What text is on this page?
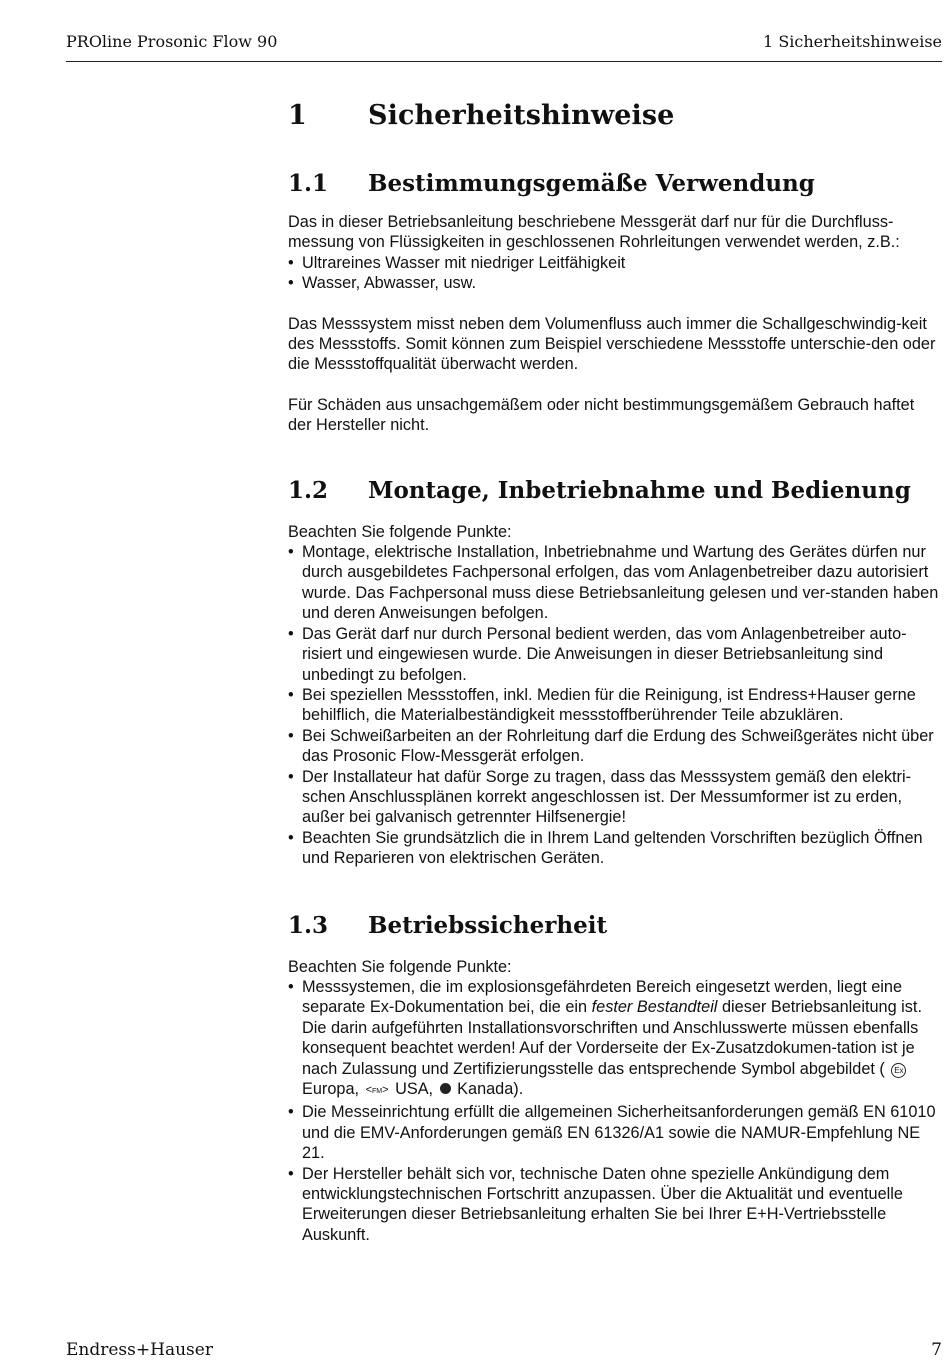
PROline Prosonic Flow 90	1 Sicherheitshinweise
1	Sicherheitshinweise
1.1	Bestimmungsgemäße Verwendung

Das in dieser Betriebsanleitung beschriebene Messgerät darf nur für die Durchfluss-messung von Flüssigkeiten in geschlossenen Rohrleitungen verwendet werden, z.B.:

• Ultrareines Wasser mit niedriger Leitfähigkeit
• Wasser, Abwasser, usw.

Das Messsystem misst neben dem Volumenfluss auch immer die Schallgeschwindig-keit des Messstoffs. Somit können zum Beispiel verschiedene Messstoffe unterschie-den oder die Messstoffqualität überwacht werden.

Für Schäden aus unsachgemäßem oder nicht bestimmungsgemäßem Gebrauch haftet der Hersteller nicht.

1.2	Montage, Inbetriebnahme und Bedienung

Beachten Sie folgende Punkte:

• Montage, elektrische Installation, Inbetriebnahme und Wartung des Gerätes dürfen nur durch ausgebildetes Fachpersonal erfolgen, das vom Anlagenbetreiber dazu autorisiert wurde. Das Fachpersonal muss diese Betriebsanleitung gelesen und ver-standen haben und deren Anweisungen befolgen.
• Das Gerät darf nur durch Personal bedient werden, das vom Anlagenbetreiber auto-risiert und eingewiesen wurde. Die Anweisungen in dieser Betriebsanleitung sind unbedingt zu befolgen.
• Bei speziellen Messstoffen, inkl. Medien für die Reinigung, ist Endress+Hauser gerne behilflich, die Materialbeständigkeit messstoffberührender Teile abzuklären.
• Bei Schweißarbeiten an der Rohrleitung darf die Erdung des Schweißgerätes nicht über das Prosonic Flow-Messgerät erfolgen.
• Der Installateur hat dafür Sorge zu tragen, dass das Messsystem gemäß den elektri-schen Anschlussplänen korrekt angeschlossen ist. Der Messumformer ist zu erden, außer bei galvanisch getrennter Hilfsenergie!
• Beachten Sie grundsätzlich die in Ihrem Land geltenden Vorschriften bezüglich Öffnen und Reparieren von elektrischen Geräten.
1.3	Betriebssicherheit

Beachten Sie folgende Punkte:

• Messsystemen, die im explosionsgefährdeten Bereich eingesetzt werden, liegt eine separate Ex-Dokumentation bei, die ein fester Bestandteil dieser Betriebsanleitung ist. Die darin aufgeführten Installationsvorschriften und Anschlusswerte müssen ebenfalls konsequent beachtet werden! Auf der Vorderseite der Ex-Zusatzdokumen-tation ist je nach Zulassung und Zertifizierungsstelle das entsprechende Symbol abgebildet ( Ex Europa, <FM> USA, Kanada).
• Die Messeinrichtung erfüllt die allgemeinen Sicherheitsanforderungen gemäß EN 61010 und die EMV-Anforderungen gemäß EN 61326/A1 sowie die NAMUR-Empfehlung NE 21.
• Der Hersteller behält sich vor, technische Daten ohne spezielle Ankündigung dem entwicklungstechnischen Fortschritt anzupassen. Über die Aktualität und eventuelle Erweiterungen dieser Betriebsanleitung erhalten Sie bei Ihrer E+H-Vertriebsstelle Auskunft.
Endress+Hauser	7
